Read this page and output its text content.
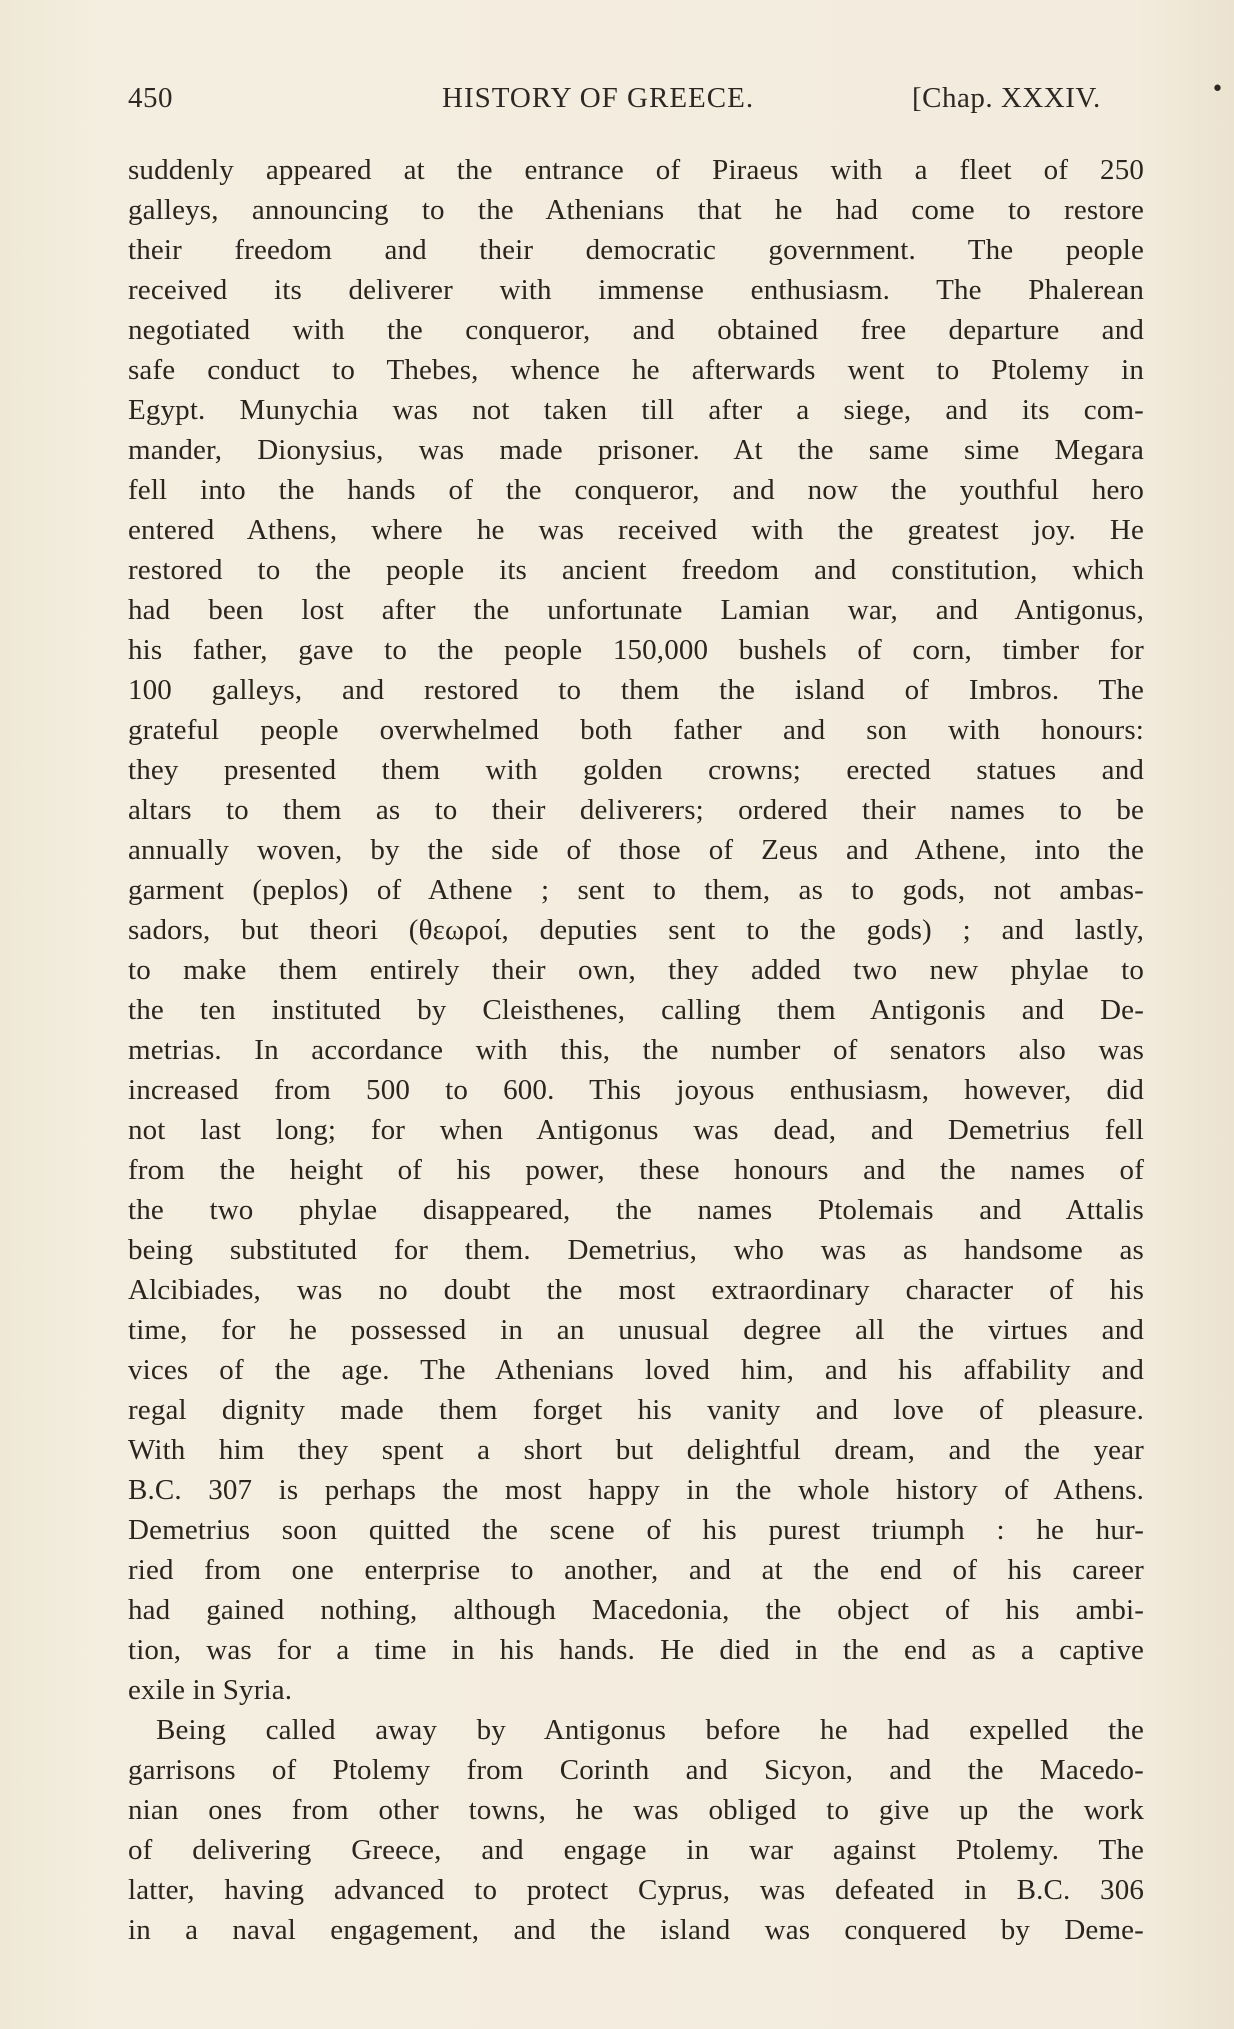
450	HISTORY OF GREECE.	[Chap. XXXIV.	•
suddenly appeared at the entrance of Piraeus with a fleet of 250
galleys, announcing to the Athenians that he had come to restore
their freedom and their democratic government. The people
received its deliverer with immense enthusiasm. The Phalerean
negotiated with the conqueror, and obtained free departure and
safe conduct to Thebes, whence he afterwards went to Ptolemy in
Egypt. Munychia was not taken till after a siege, and its com-
mander, Dionysius, was made prisoner. At the same sime Megara
fell into the hands of the conqueror, and now the youthful hero
entered Athens, where he was received with the greatest joy. He
restored to the people its ancient freedom and constitution, which
had been lost after the unfortunate Lamian war, and Antigonus,
his father, gave to the people 150,000 bushels of corn, timber for
100 galleys, and restored to them the island of Imbros. The
grateful people overwhelmed both father and son with honours:
they presented them with golden crowns; erected statues and
altars to them as to their deliverers; ordered their names to be
annually woven, by the side of those of Zeus and Athene, into the
garment (peplos) of Athene ; sent to them, as to gods, not ambas-
sadors, but theori (θεωροί, deputies sent to the gods) ; and lastly,
to make them entirely their own, they added two new phylae to
the ten instituted by Cleisthenes, calling them Antigonis and De-
metrias. In accordance with this, the number of senators also was
increased from 500 to 600. This joyous enthusiasm, however, did
not last long; for when Antigonus was dead, and Demetrius fell
from the height of his power, these honours and the names of
the two phylae disappeared, the names Ptolemais and Attalis
being substituted for them. Demetrius, who was as handsome as
Alcibiades, was no doubt the most extraordinary character of his
time, for he possessed in an unusual degree all the virtues and
vices of the age. The Athenians loved him, and his affability and
regal dignity made them forget his vanity and love of pleasure.
With him they spent a short but delightful dream, and the year
B.C. 307 is perhaps the most happy in the whole history of Athens.
Demetrius soon quitted the scene of his purest triumph : he hur-
ried from one enterprise to another, and at the end of his career
had gained nothing, although Macedonia, the object of his ambi-
tion, was for a time in his hands. He died in the end as a captive
exile in Syria.
Being called away by Antigonus before he had expelled the
garrisons of Ptolemy from Corinth and Sicyon, and the Macedo-
nian ones from other towns, he was obliged to give up the work
of delivering Greece, and engage in war against Ptolemy. The
latter, having advanced to protect Cyprus, was defeated in B.C. 306
in a naval engagement, and the island was conquered by Deme-
